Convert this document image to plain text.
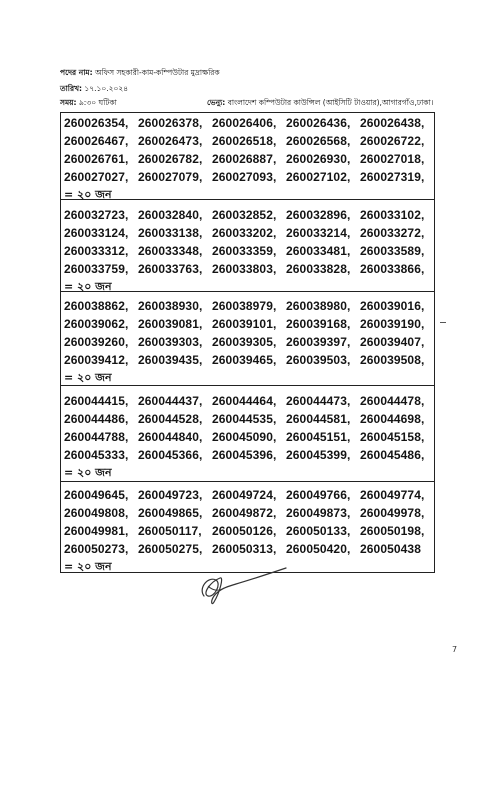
পদের নাম: অফিস সহকারী-কাম-কম্পিউটার মুদ্রাক্ষরিক
তারিখ: ১৭.১০.২০২৪
সময়: ৯:৩০ ঘটিকা	ভেন্যু: বাংলাদেশ কম্পিউটার কাউন্সিল (আইসিটি টাওয়ার),আগারগাঁও,ঢাকা।
260026354, 260026378, 260026406, 260026436, 260026438,
260026467, 260026473, 260026518, 260026568, 260026722,
260026761, 260026782, 260026887, 260026930, 260027018,
260027027, 260027079, 260027093, 260027102, 260027319,
= ২০ জন
260032723, 260032840, 260032852, 260032896, 260033102,
260033124, 260033138, 260033202, 260033214, 260033272,
260033312, 260033348, 260033359, 260033481, 260033589,
260033759, 260033763, 260033803, 260033828, 260033866,
= ২০ জন
260038862, 260038930, 260038979, 260038980, 260039016,
260039062, 260039081, 260039101, 260039168, 260039190,
260039260, 260039303, 260039305, 260039397, 260039407,
260039412, 260039435, 260039465, 260039503, 260039508,
= ২০ জন
260044415, 260044437, 260044464, 260044473, 260044478,
260044486, 260044528, 260044535, 260044581, 260044698,
260044788, 260044840, 260045090, 260045151, 260045158,
260045333, 260045366, 260045396, 260045399, 260045486,
= ২০ জন
260049645, 260049723, 260049724, 260049766, 260049774,
260049808, 260049865, 260049872, 260049873, 260049978,
260049981, 260050117, 260050126, 260050133, 260050198,
260050273, 260050275, 260050313, 260050420, 260050438
= ২০ জন
7
